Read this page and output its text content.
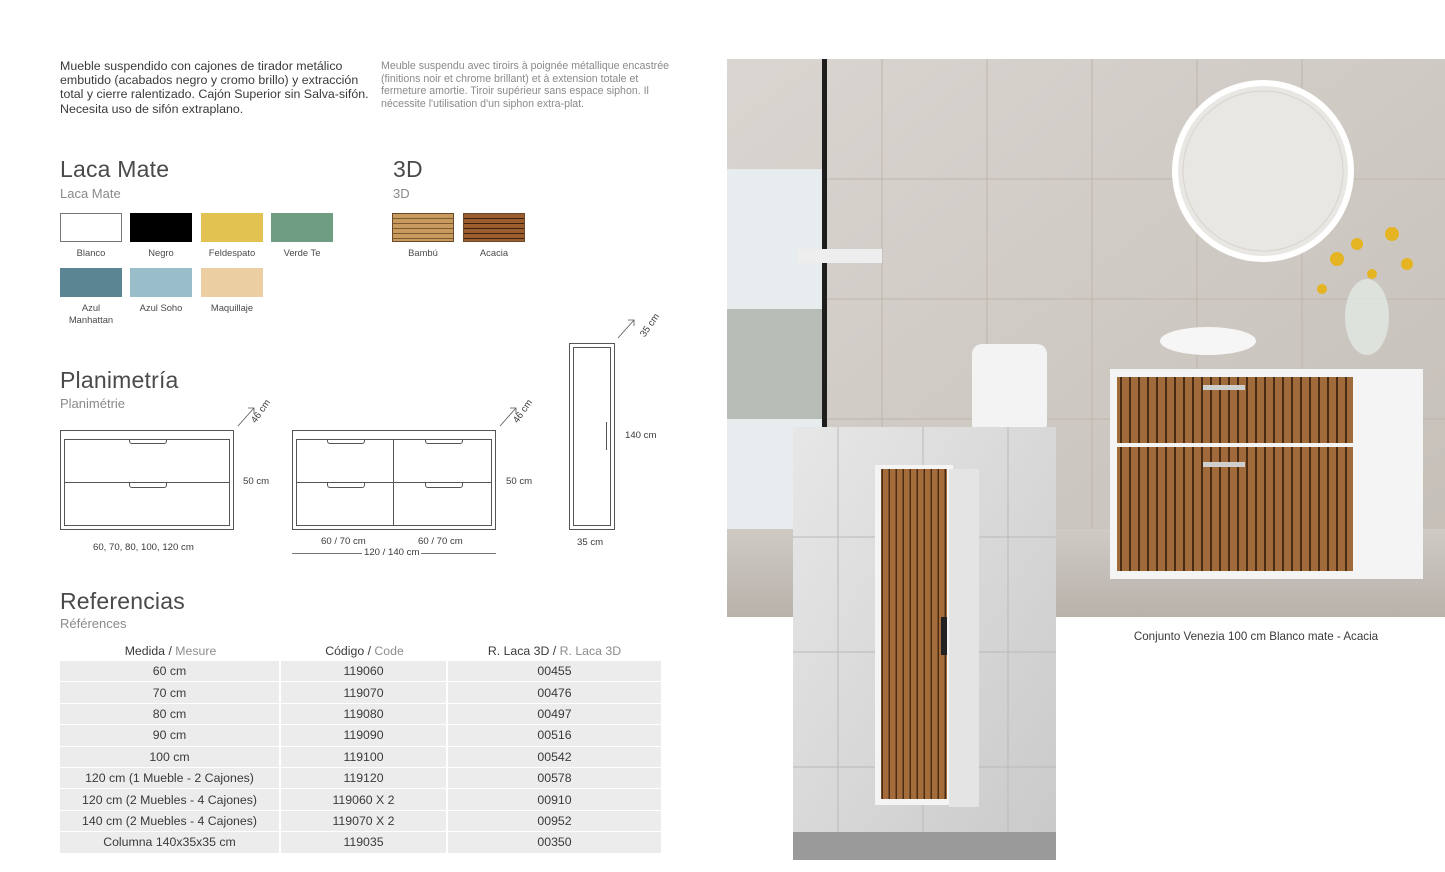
Mueble suspendido con cajones de tirador metálico embutido (acabados negro y cromo brillo) y extracción total y cierre ralentizado. Cajón Superior sin Salva-sifón. Necesita uso de sifón extraplano.
Meuble suspendu avec tiroirs à poignée métallique encastrée (finitions noir et chrome brillant) et à extension totale et fermeture amortie. Tiroir supérieur sans espace siphon. Il nécessite l'utilisation d'un siphon extra-plat.
Laca Mate
Laca Mate
Blanco	Negro	Feldespato	Verde Te
Azul Manhattan
Azul Soho	Maquillaje
3D
3D
Bambú	Acacia
Planimetría
Planimétrie	46 cm
50 cm
60, 70, 80, 100, 120 cm
46 cm
50 cm
60 / 70 cm	60 / 70 cm
120 / 140 cm
35 cm
140 cm
35 cm
Referencias
Références
Medida / Mesure	Código / Code	R. Laca 3D / R. Laca 3D
60 cm	119060	00455
70 cm	119070	00476
80 cm	119080	00497
90 cm	119090	00516
100 cm	119100	00542
120 cm (1 Mueble - 2 Cajones)	119120	00578
120 cm (2 Muebles - 4 Cajones)	119060 X 2	00910
140 cm (2 Muebles - 4 Cajones)	119070 X 2	00952
Columna 140x35x35 cm	119035	00350
Conjunto Venezia 100 cm Blanco mate - Acacia
